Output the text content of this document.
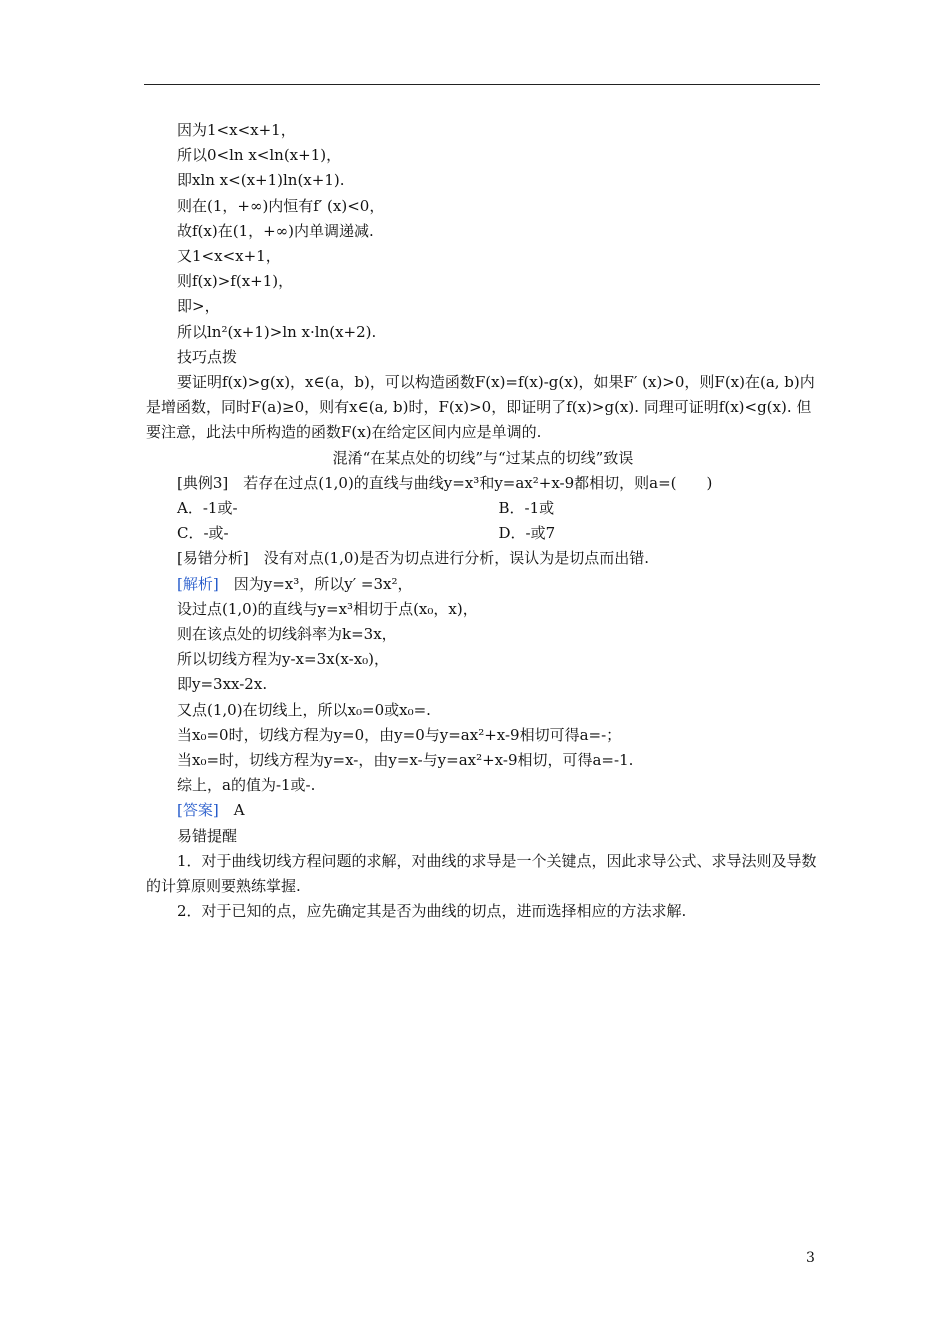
因为1<x<x+1，
所以0<ln x<ln(x+1)，
即xln x<(x+1)ln(x+1).
则在(1，+∞)内恒有f′ (x)<0，
故f(x)在(1，+∞)内单调递减.
又1<x<x+1，
则f(x)>f(x+1)，
即>，
所以ln²(x+1)>ln x·ln(x+2).
技巧点拨
要证明f(x)>g(x)，x∈(a，b)，可以构造函数F(x)=f(x)-g(x)，如果F′ (x)>0，则F(x)在(a, b)内是增函数，同时F(a)≥0，则有x∈(a, b)时，F(x)>0，即证明了f(x)>g(x). 同理可证明f(x)<g(x). 但要注意，此法中所构造的函数F(x)在给定区间内应是单调的.
混淆“在某点处的切线”与“过某点的切线”致误
[典例3]　若存在过点(1,0)的直线与曲线y=x³和y=ax²+x-9都相切，则a=(　　)
A．-1或-	B．-1或
C．-或-	D．-或7
[易错分析]　没有对点(1,0)是否为切点进行分析，误认为是切点而出错.
[解析]　因为y=x³，所以y′ =3x²，
设过点(1,0)的直线与y=x³相切于点(x₀，x)，
则在该点处的切线斜率为k=3x，
所以切线方程为y-x=3x(x-x₀)，
即y=3xx-2x.
又点(1,0)在切线上，所以x₀=0或x₀=.
当x₀=0时，切线方程为y=0，由y=0与y=ax²+x-9相切可得a=-；
当x₀=时，切线方程为y=x-，由y=x-与y=ax²+x-9相切，可得a=-1.
综上，a的值为-1或-.
[答案]　A
易错提醒
1．对于曲线切线方程问题的求解，对曲线的求导是一个关键点，因此求导公式、求导法则及导数的计算原则要熟练掌握.
2．对于已知的点，应先确定其是否为曲线的切点，进而选择相应的方法求解.
3
